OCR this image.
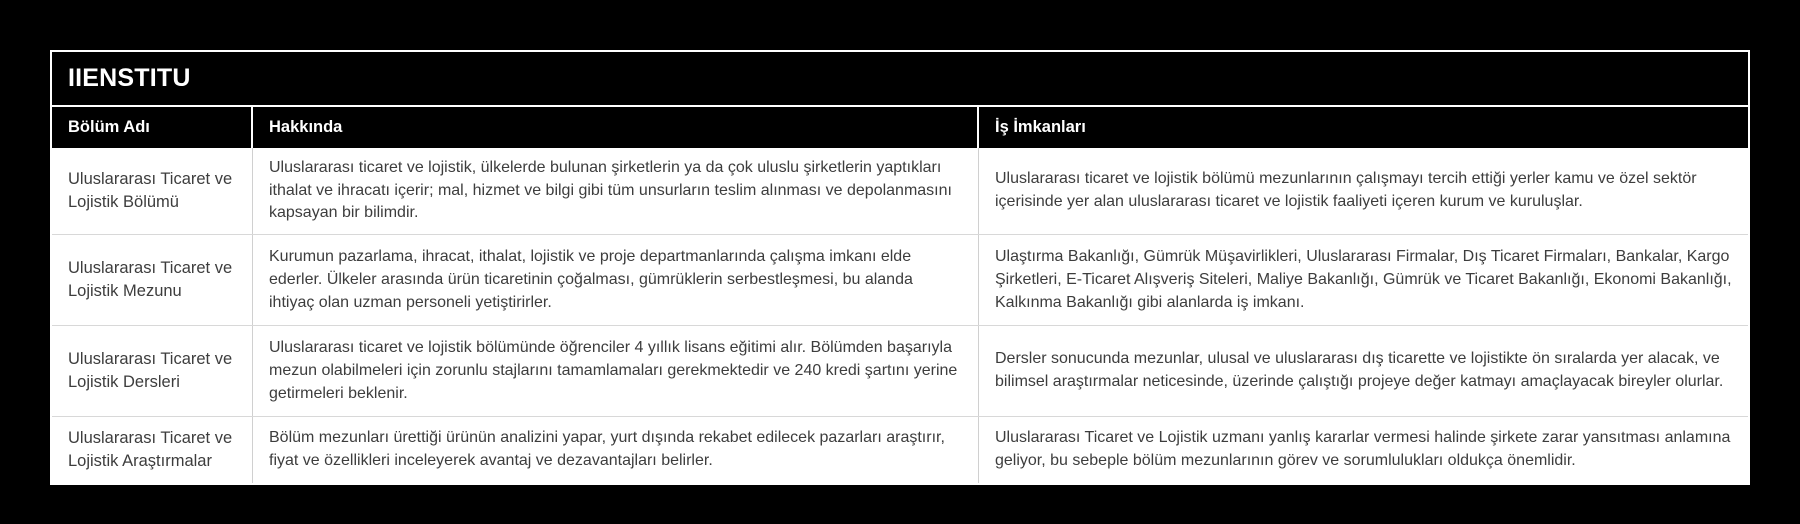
IIENSTITU
Bölüm Adı	Hakkında	İş İmkanları
Uluslararası Ticaret ve Lojistik Bölümü
Uluslararası ticaret ve lojistik, ülkelerde bulunan şirketlerin ya da çok uluslu şirketlerin yaptıkları ithalat ve ihracatı içerir; mal, hizmet ve bilgi gibi tüm unsurların teslim alınması ve depolanmasını kapsayan bir bilimdir.
Uluslararası ticaret ve lojistik bölümü mezunlarının çalışmayı tercih ettiği yerler kamu ve özel sektör içerisinde yer alan uluslararası ticaret ve lojistik faaliyeti içeren kurum ve kuruluşlar.
Uluslararası Ticaret ve Lojistik Mezunu
Kurumun pazarlama, ihracat, ithalat, lojistik ve proje departmanlarında çalışma imkanı elde ederler. Ülkeler arasında ürün ticaretinin çoğalması, gümrüklerin serbestleşmesi, bu alanda ihtiyaç olan uzman personeli yetiştirirler.
Ulaştırma Bakanlığı, Gümrük Müşavirlikleri, Uluslararası Firmalar, Dış Ticaret Firmaları, Bankalar, Kargo Şirketleri, E-Ticaret Alışveriş Siteleri, Maliye Bakanlığı, Gümrük ve Ticaret Bakanlığı, Ekonomi Bakanlığı, Kalkınma Bakanlığı gibi alanlarda iş imkanı.
Uluslararası Ticaret ve Lojistik Dersleri
Uluslararası ticaret ve lojistik bölümünde öğrenciler 4 yıllık lisans eğitimi alır. Bölümden başarıyla mezun olabilmeleri için zorunlu stajlarını tamamlamaları gerekmektedir ve 240 kredi şartını yerine getirmeleri beklenir.
Dersler sonucunda mezunlar, ulusal ve uluslararası dış ticarette ve lojistikte ön sıralarda yer alacak, ve bilimsel araştırmalar neticesinde, üzerinde çalıştığı projeye değer katmayı amaçlayacak bireyler olurlar.
Uluslararası Ticaret ve Lojistik Araştırmalar
Bölüm mezunları ürettiği ürünün analizini yapar, yurt dışında rekabet edilecek pazarları araştırır, fiyat ve özellikleri inceleyerek avantaj ve dezavantajları belirler.
Uluslararası Ticaret ve Lojistik uzmanı yanlış kararlar vermesi halinde şirkete zarar yansıtması anlamına geliyor, bu sebeple bölüm mezunlarının görev ve sorumlulukları oldukça önemlidir.
